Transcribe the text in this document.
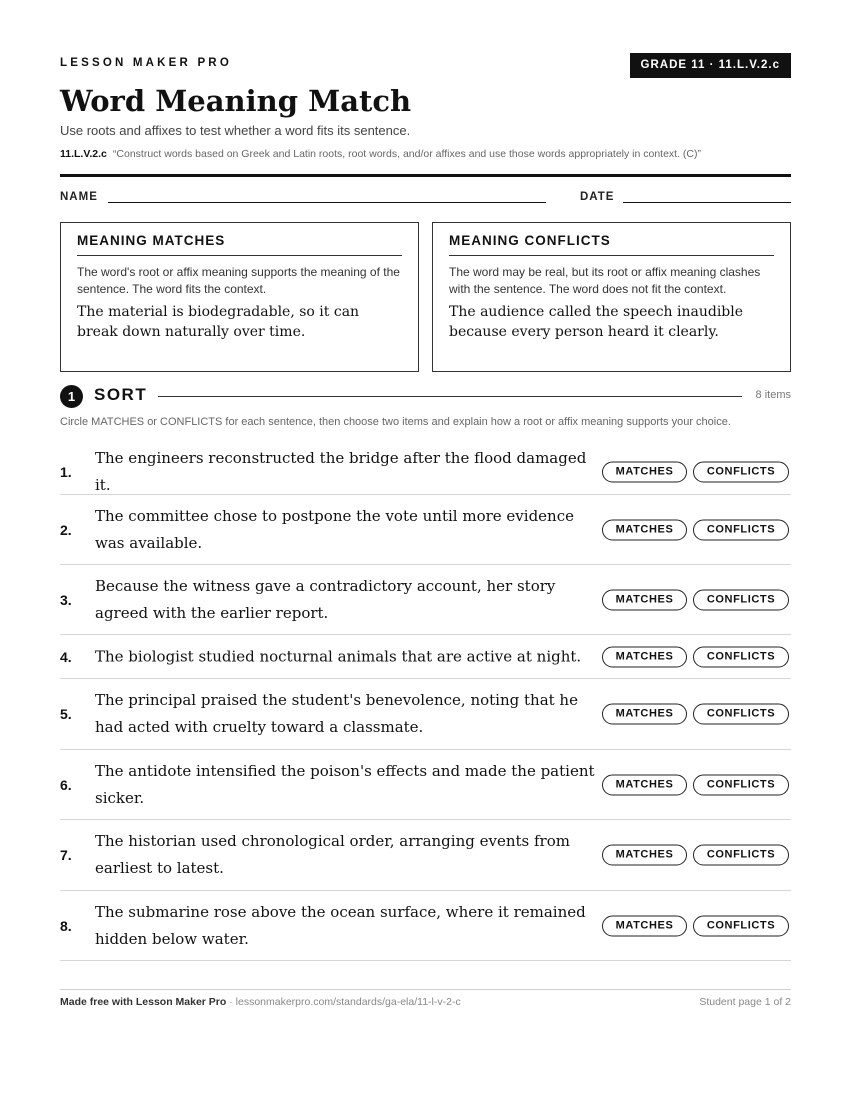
LESSON MAKER PRO	GRADE 11 · 11.L.V.2.c
Word Meaning Match
Use roots and affixes to test whether a word fits its sentence.
11.L.V.2.c “Construct words based on Greek and Latin roots, root words, and/or affixes and use those words appropriately in context. (C)”
NAME	DATE
MEANING MATCHES
The word's root or affix meaning supports the meaning of the sentence. The word fits the context.
The material is biodegradable, so it can break down naturally over time.
MEANING CONFLICTS
The word may be real, but its root or affix meaning clashes with the sentence. The word does not fit the context.
The audience called the speech inaudible because every person heard it clearly.
1	SORT	8 items
Circle MATCHES or CONFLICTS for each sentence, then choose two items and explain how a root or affix meaning supports your choice.
1.
The engineers reconstructed the bridge after the flood damaged it.
MATCHES	CONFLICTS
2.
The committee chose to postpone the vote until more evidence was available.
MATCHES	CONFLICTS
3.
Because the witness gave a contradictory account, her story agreed with the earlier report.
MATCHES	CONFLICTS
4. The biologist studied nocturnal animals that are active at night.	MATCHES	CONFLICTS
5.
The principal praised the student's benevolence, noting that he had acted with cruelty toward a classmate.
MATCHES	CONFLICTS
6.
The antidote intensified the poison's effects and made the patient sicker.
MATCHES	CONFLICTS
7.
The historian used chronological order, arranging events from earliest to latest.
MATCHES	CONFLICTS
8.
The submarine rose above the ocean surface, where it remained hidden below water.
MATCHES	CONFLICTS
Made free with Lesson Maker Pro · lessonmakerpro.com/standards/ga-ela/11-l-v-2-c	Student page 1 of 2
